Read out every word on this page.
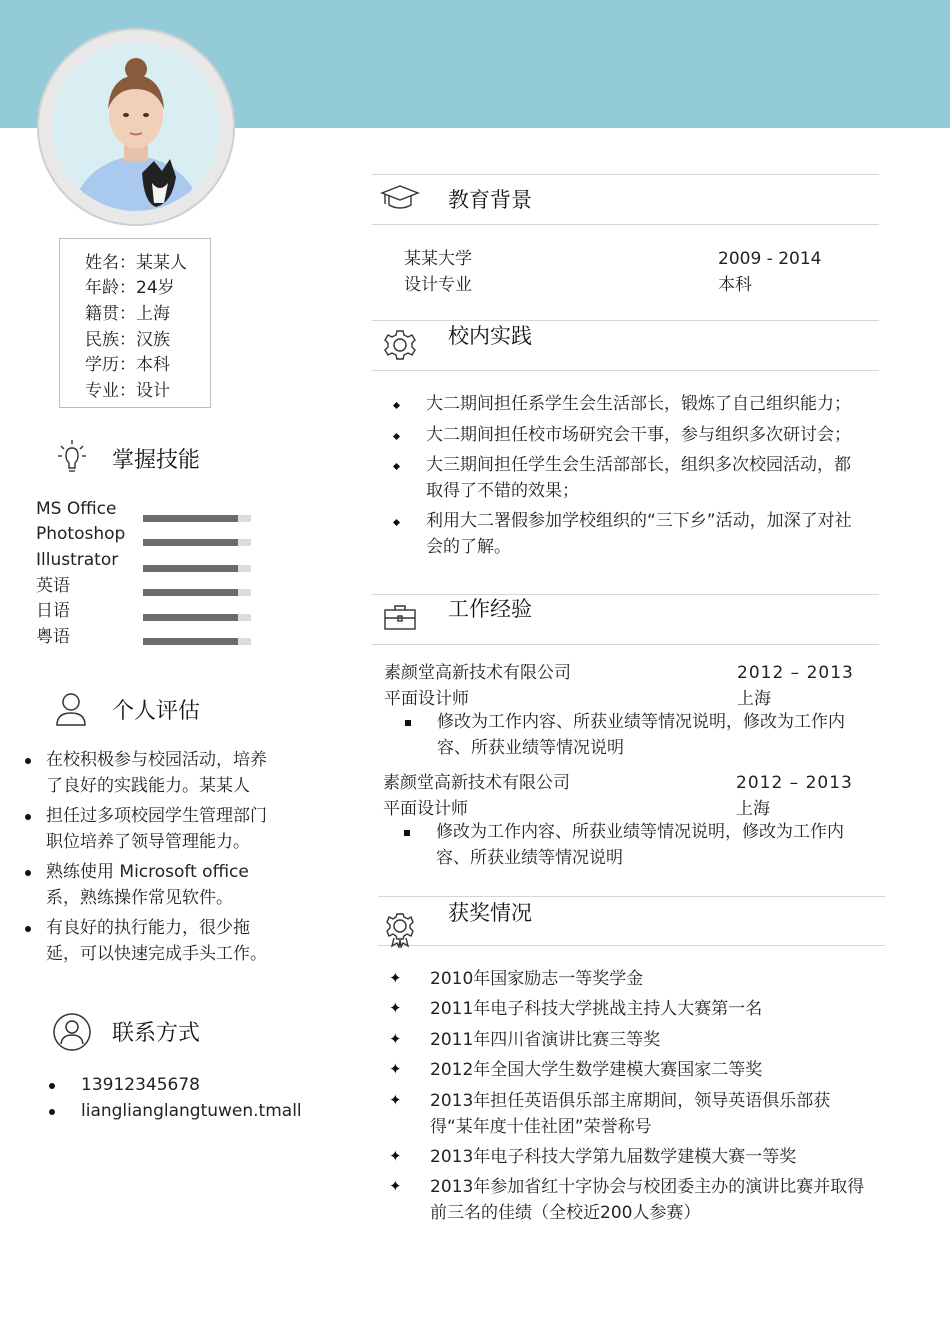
姓名：某某人
年龄：24岁
籍贯：上海
民族：汉族
学历：本科
专业：设计
掌握技能
MS Office
Photoshop
Illustrator
英语
日语
粤语
个人评估
在校积极参与校园活动，培养了良好的实践能力。某某人
担任过多项校园学生管理部门职位培养了领导管理能力。
熟练使用 Microsoft office 系，熟练操作常见软件。
有良好的执行能力，很少拖延，可以快速完成手头工作。
联系方式
13912345678
lianglianglangtuwen.tmall
教育背景
某某大学	2009 - 2014
设计专业	本科
校内实践
大二期间担任系学生会生活部长，锻炼了自己组织能力；
大二期间担任校市场研究会干事，参与组织多次研讨会；
大三期间担任学生会生活部部长，组织多次校园活动，都取得了不错的效果；
利用大二署假参加学校组织的“三下乡”活动，加深了对社会的了解。
工作经验
素颜堂高新技术有限公司	2012 – 2013
平面设计师	上海
修改为工作内容、所获业绩等情况说明，修改为工作内容、所获业绩等情况说明
素颜堂高新技术有限公司	2012 – 2013
平面设计师	上海
修改为工作内容、所获业绩等情况说明，修改为工作内容、所获业绩等情况说明
获奖情况
✦ 2010年国家励志一等奖学金
✦ 2011年电子科技大学挑战主持人大赛第一名
✦ 2011年四川省演讲比赛三等奖
✦ 2012年全国大学生数学建模大赛国家二等奖
✦ 2013年担任英语俱乐部主席期间，领导英语俱乐部获得“某年度十佳社团”荣誉称号
✦ 2013年电子科技大学第九届数学建模大赛一等奖
✦ 2013年参加省红十字协会与校团委主办的演讲比赛并取得前三名的佳绩（全校近200人参赛）
